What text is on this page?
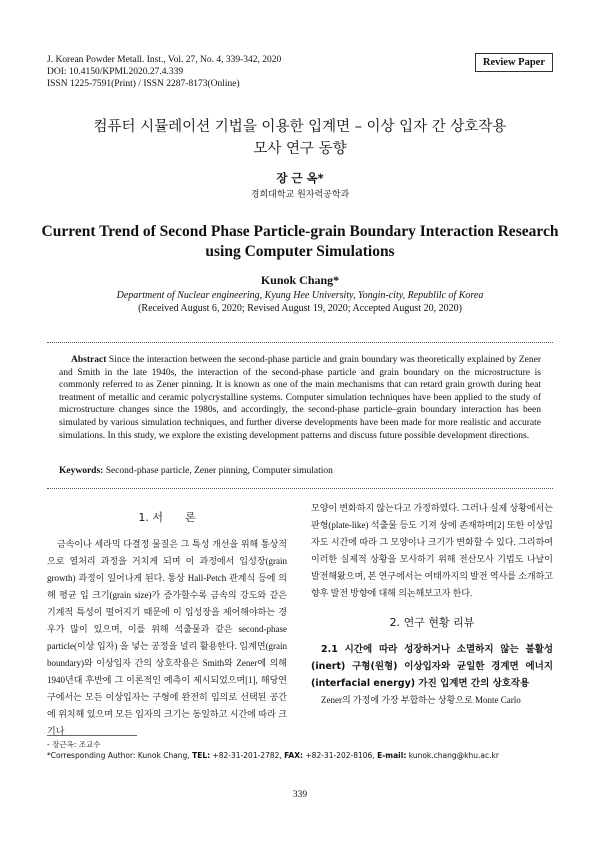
J. Korean Powder Metall. Inst., Vol. 27, No. 4, 339-342, 2020
DOI: 10.4150/KPMI.2020.27.4.339
ISSN 1225-7591(Print) / ISSN 2287-8173(Online)
Review Paper
컴퓨터 시뮬레이션 기법을 이용한 입계면 – 이상 입자 간 상호작용
모사 연구 동향
장 근 옥*
경희대학교 원자력공학과
Current Trend of Second Phase Particle-grain Boundary Interaction Research
using Computer Simulations
Kunok Chang*
Department of Nuclear engineering, Kyung Hee University, Yongin-city, Republilc of Korea
(Received August 6, 2020; Revised August 19, 2020; Accepted August 20, 2020)
Abstract Since the interaction between the second-phase particle and grain boundary was theoretically explained by Zener and Smith in the late 1940s, the interaction of the second-phase particle and grain boundary on the microstructure is commonly referred to as Zener pinning. It is known as one of the main mechanisms that can retard grain growth during heat treatment of metallic and ceramic polycrystalline systems. Computer simulation techniques have been applied to the study of microstructure changes since the 1980s, and accordingly, the second-phase particle–grain boundary interaction has been simulated by various simulation techniques, and further diverse developments have been made for more realistic and accurate simulations. In this study, we explore the existing development patterns and discuss future possible development directions.
Keywords: Second-phase particle, Zener pinning, Computer simulation
1. 서　　론

금속이나 세라믹 다결정 물질은 그 특성 개선을 위해 통상적으로 열처리 과정을 거치게 되며 이 과정에서 입성장(grain growth) 과정이 일어나게 된다. 통상 Hall-Petch 관계식 등에 의해 평균 입 크기(grain size)가 증가할수록 금속의 강도와 같은 기계적 특성이 떨어지기 때문에 이 입성장을 제어해야하는 경우가 많이 있으며, 이를 위해 석출물과 같은 second-phase particle(이상 입자) 을 넣는 공정을 널리 활용한다. 입계면(grain boundary)와 이상입자 간의 상호작용은 Smith와 Zener에 의해 1940년대 후반에 그 이론적인 예측이 제시되었으며[1], 해당연구에서는 모든 이상입자는 구형에 완전히 임의로 선택된 공간에 위치해 있으며 모든 입자의 크기는 동일하고 시간에 따라 크기나

모양이 변화하지 않는다고 가정하였다. 그러나 실제 상황에서는 판형(plate-like) 석출물 등도 기져 상에 존재하며[2] 또한 이상입자도 시간에 따라 그 모양이나 크기가 변화할 수 있다. 그리하여 이러한 실제적 상황을 모사하기 위해 전산모사 기법도 나날이 발전해왔으며, 본 연구에서는 여태까지의 발전 역사를 소개하고 향후 발전 방향에 대해 의논해보고자 한다.

2. 연구 현황 리뷰
2.1 시간에 따라 성장하거나 소멸하지 않는 불활성(inert) 구형(원형) 이상입자와 균일한 경계면 에너지(interfacial energy) 가진 입계면 간의 상호작용

Zener의 가정에 가장 부합하는 상황으로 Monte Carlo

- 장근옥: 조교수
*Corresponding Author: Kunok Chang, TEL: +82-31-201-2782, FAX: +82-31-202-8106, E-mail: kunok.chang@khu.ac.kr
339
